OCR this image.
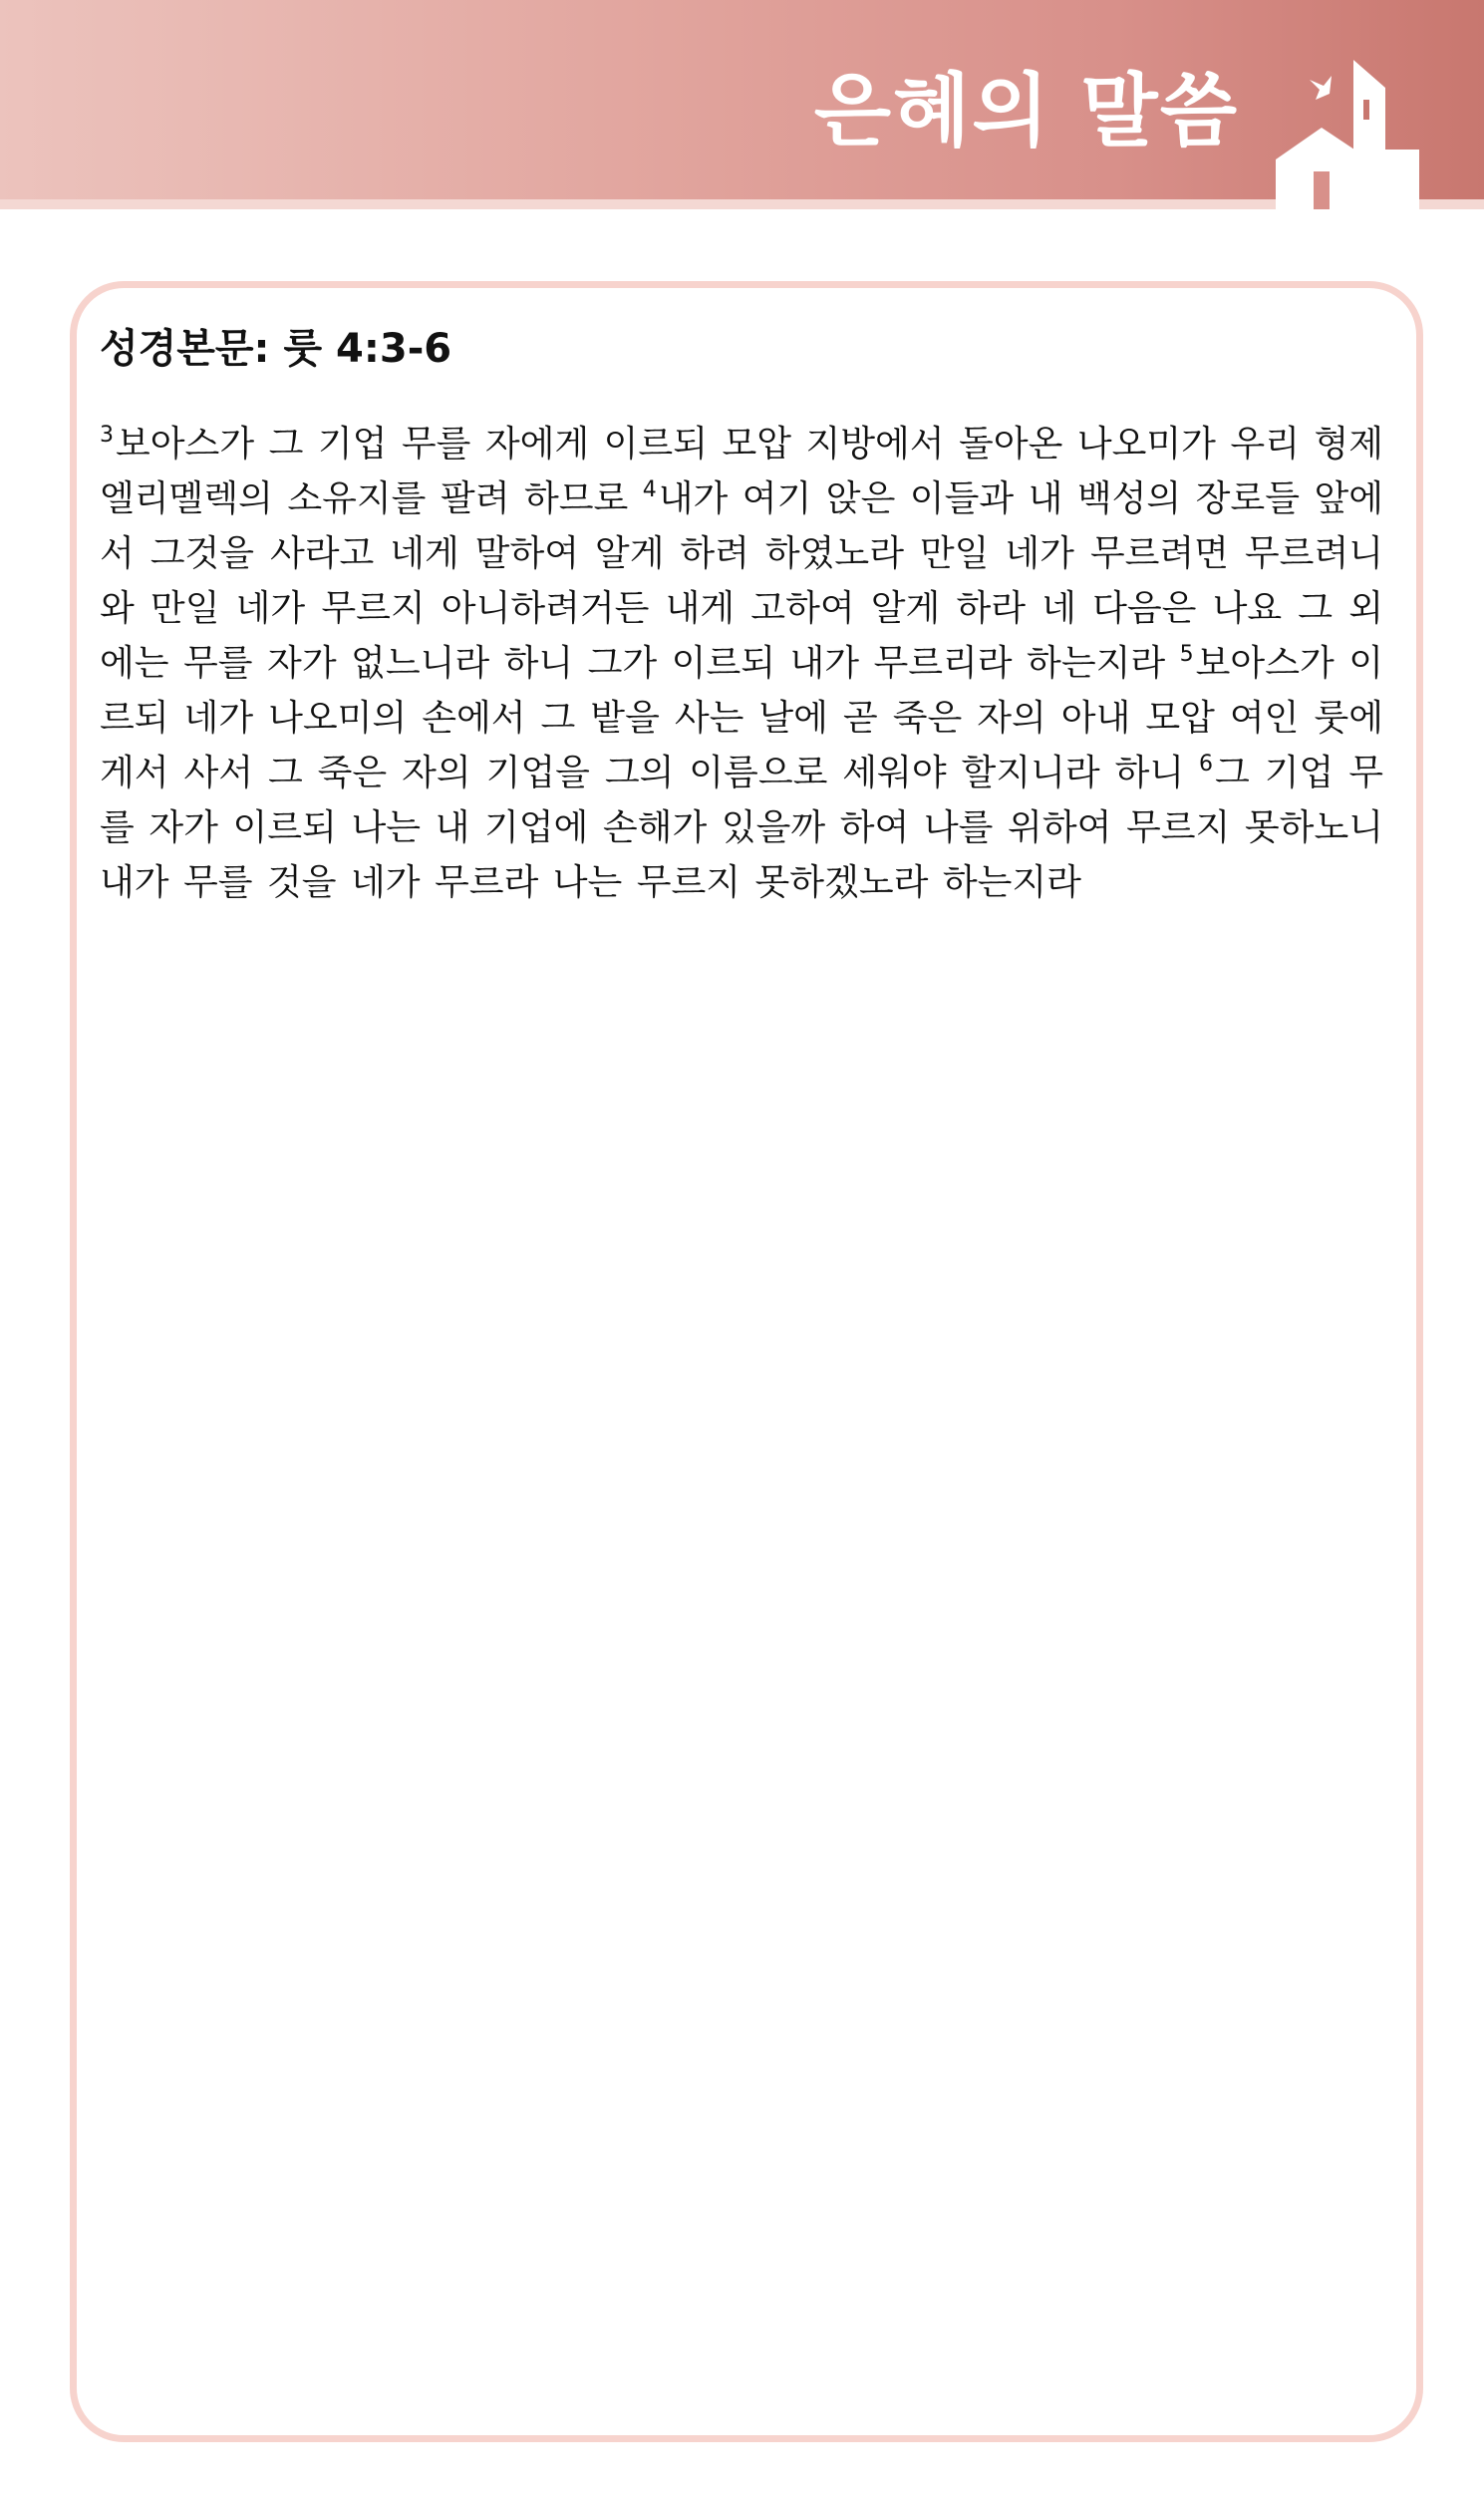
은혜의 말씀
성경본문: 룻 4:3-6
$^3$보아스가 그 기업 무를 자에게 이르되 모압 지방에서 돌아온 나오미가 우리 형제 엘리멜렉의 소유지를 팔려 하므로 $^4$내가 여기 앉은 이들과 내 백성의 장로들 앞에서 그것을 사라고 네게 말하여 알게 하려 하였노라 만일 네가 무르려면 무르려니와 만일 네가 무르지 아니하려거든 내게 고하여 알게 하라 네 다음은 나요 그 외에는 무를 자가 없느니라 하니 그가 이르되 내가 무르리라 하는지라 $^5$보아스가 이르되 네가 나오미의 손에서 그 밭을 사는 날에 곧 죽은 자의 아내 모압 여인 룻에게서 사서 그 죽은 자의 기업을 그의 이름으로 세워야 할지니라 하니 $^6$그 기업 무를 자가 이르되 나는 내 기업에 손해가 있을까 하여 나를 위하여 무르지 못하노니 내가 무를 것을 네가 무르라 나는 무르지 못하겠노라 하는지라
